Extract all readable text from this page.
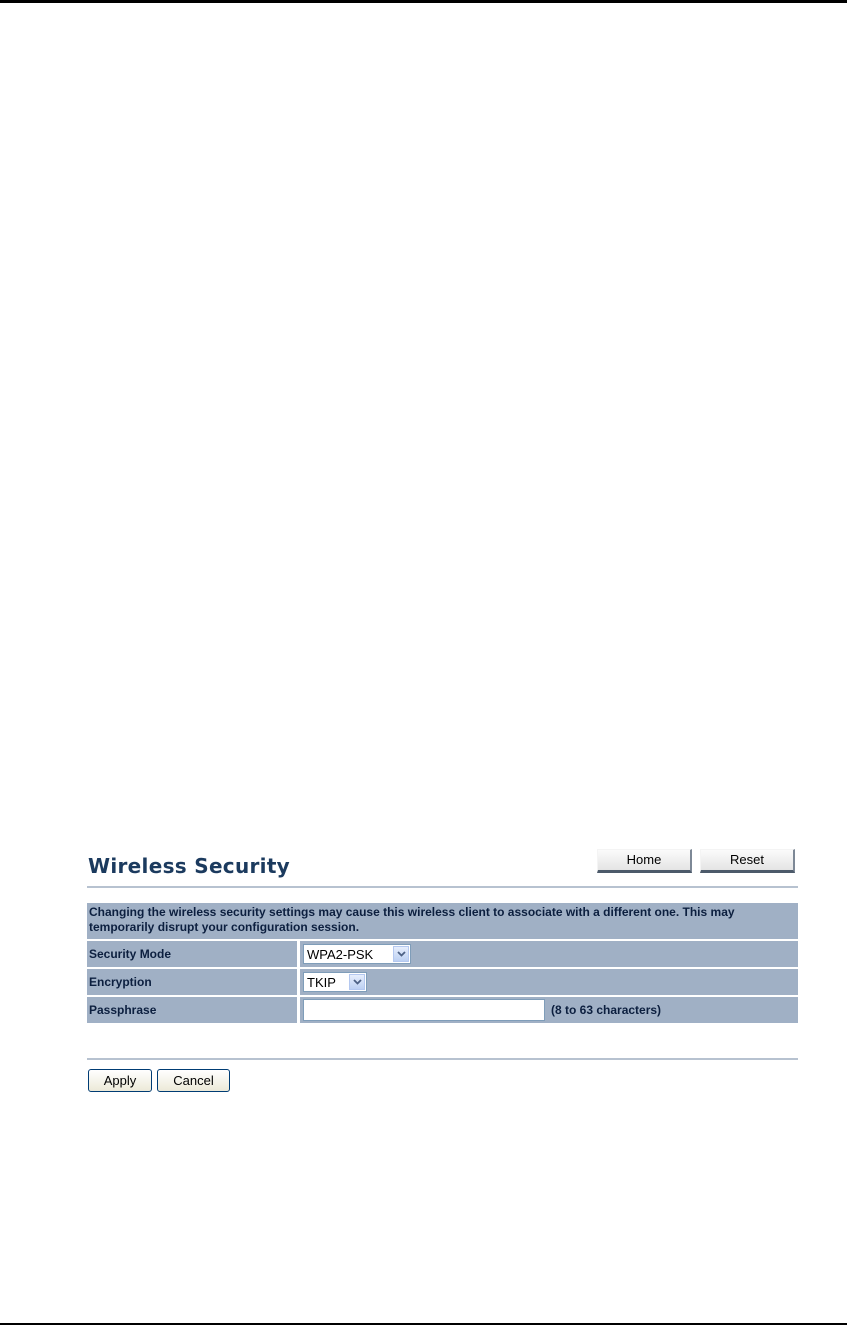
Wireless Security	Home	Reset
Changing the wireless security settings may cause this wireless client to associate with a different one. This may temporarily disrupt your configuration session.
Security Mode	WPA2-PSK
Encryption	TKIP
Passphrase	(8 to 63 characters)
Apply	Cancel
